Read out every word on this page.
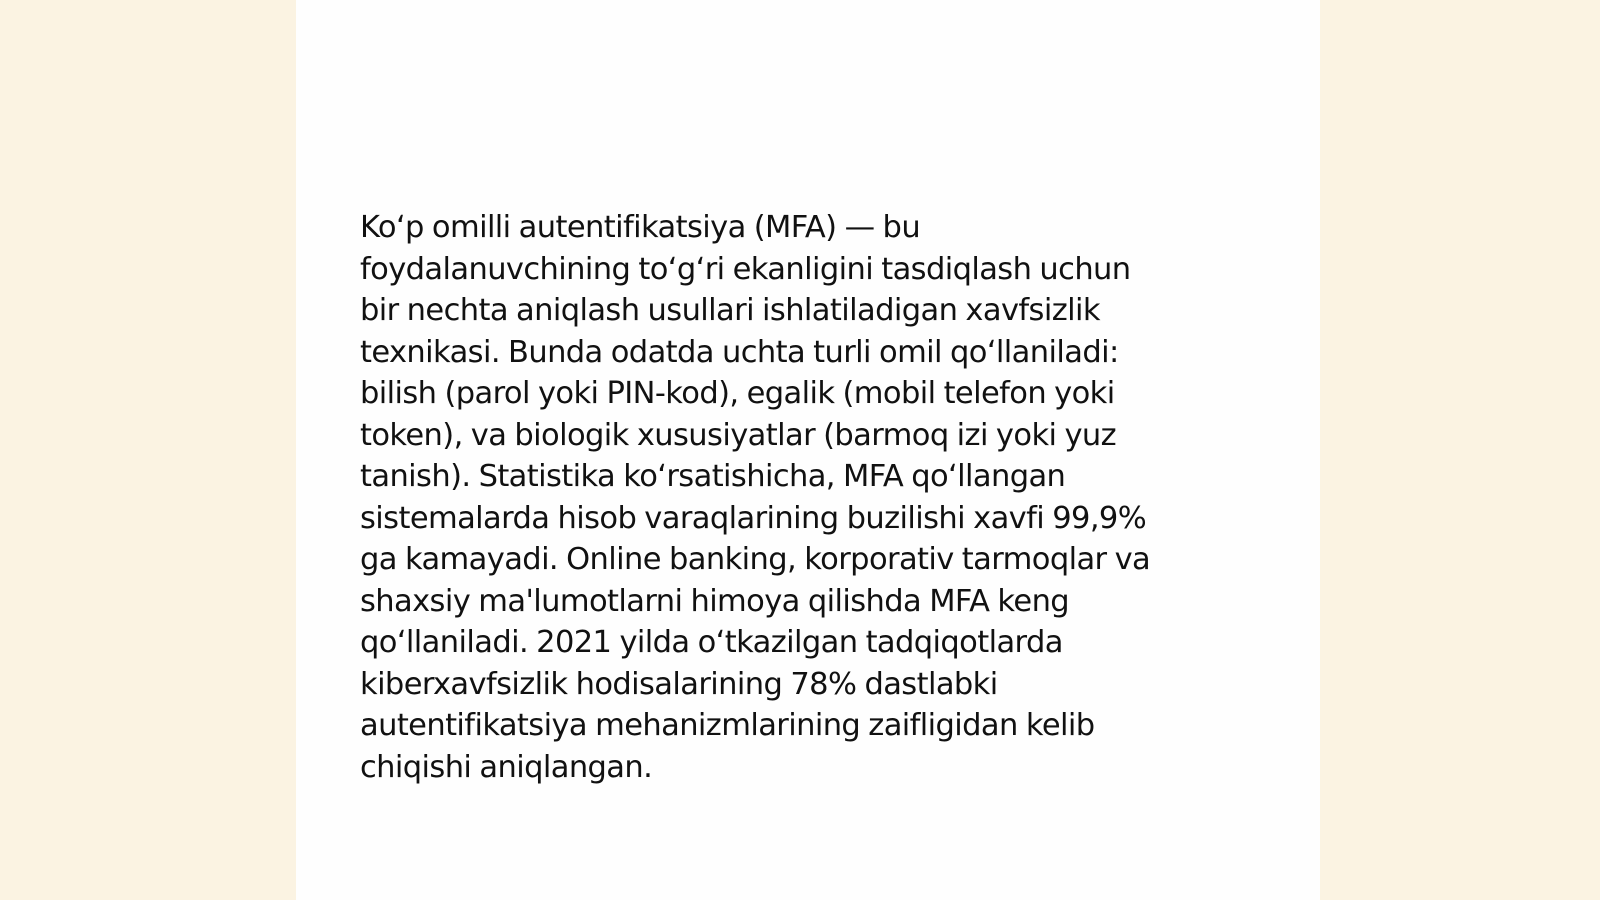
Koʻp omilli autentifikatsiya (MFA) — bu
foydalanuvchining toʻgʻri ekanligini tasdiqlash uchun
bir nechta aniqlash usullari ishlatiladigan xavfsizlik
texnikasi. Bunda odatda uchta turli omil qoʻllaniladi:
bilish (parol yoki PIN-kod), egalik (mobil telefon yoki
token), va biologik xususiyatlar (barmoq izi yoki yuz
tanish). Statistika koʻrsatishicha, MFA qoʻllangan
sistemalarda hisob varaqlarining buzilishi xavfi 99,9%
ga kamayadi. Online banking, korporativ tarmoqlar va
shaxsiy ma'lumotlarni himoya qilishda MFA keng
qoʻllaniladi. 2021 yilda oʻtkazilgan tadqiqotlarda
kiberxavfsizlik hodisalarining 78% dastlabki
autentifikatsiya mehanizmlarining zaifligidan kelib
chiqishi aniqlangan.
